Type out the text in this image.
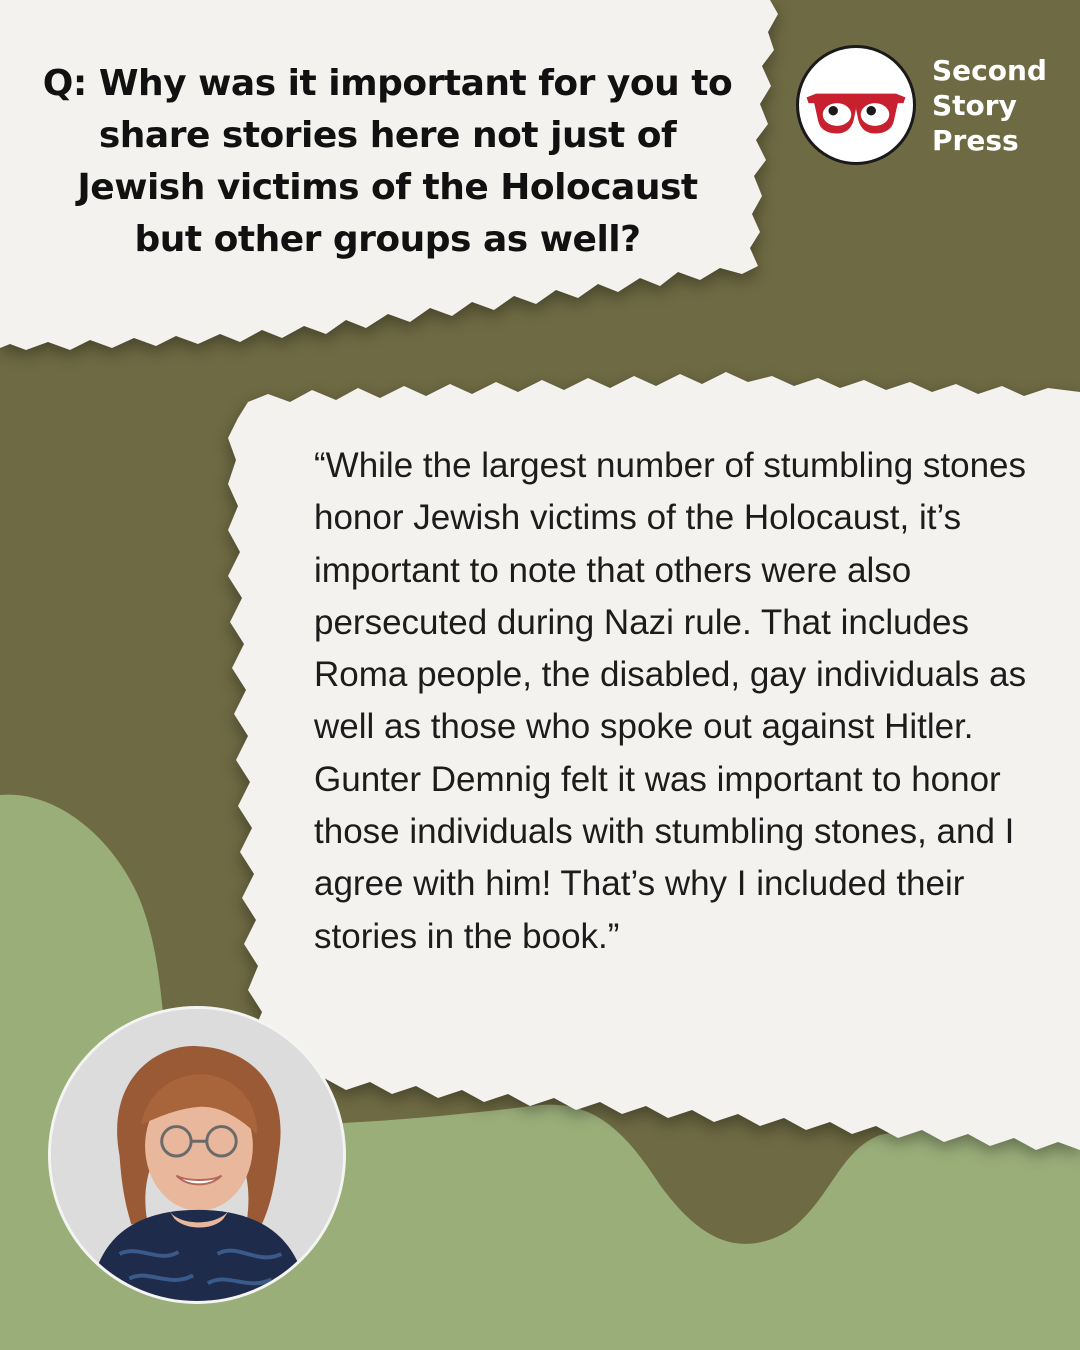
Q: Why was it important for you to share stories here not just of Jewish victims of the Holocaust but other groups as well?

Second
Story
Press

“While the largest number of stumbling stones honor Jewish victims of the Holocaust, it’s important to note that others were also persecuted during Nazi rule. That includes Roma people, the disabled, gay individuals as well as those who spoke out against Hitler. Gunter Demnig felt it was important to honor those individuals with stumbling stones, and I agree with him! That’s why I included their stories in the book.”
